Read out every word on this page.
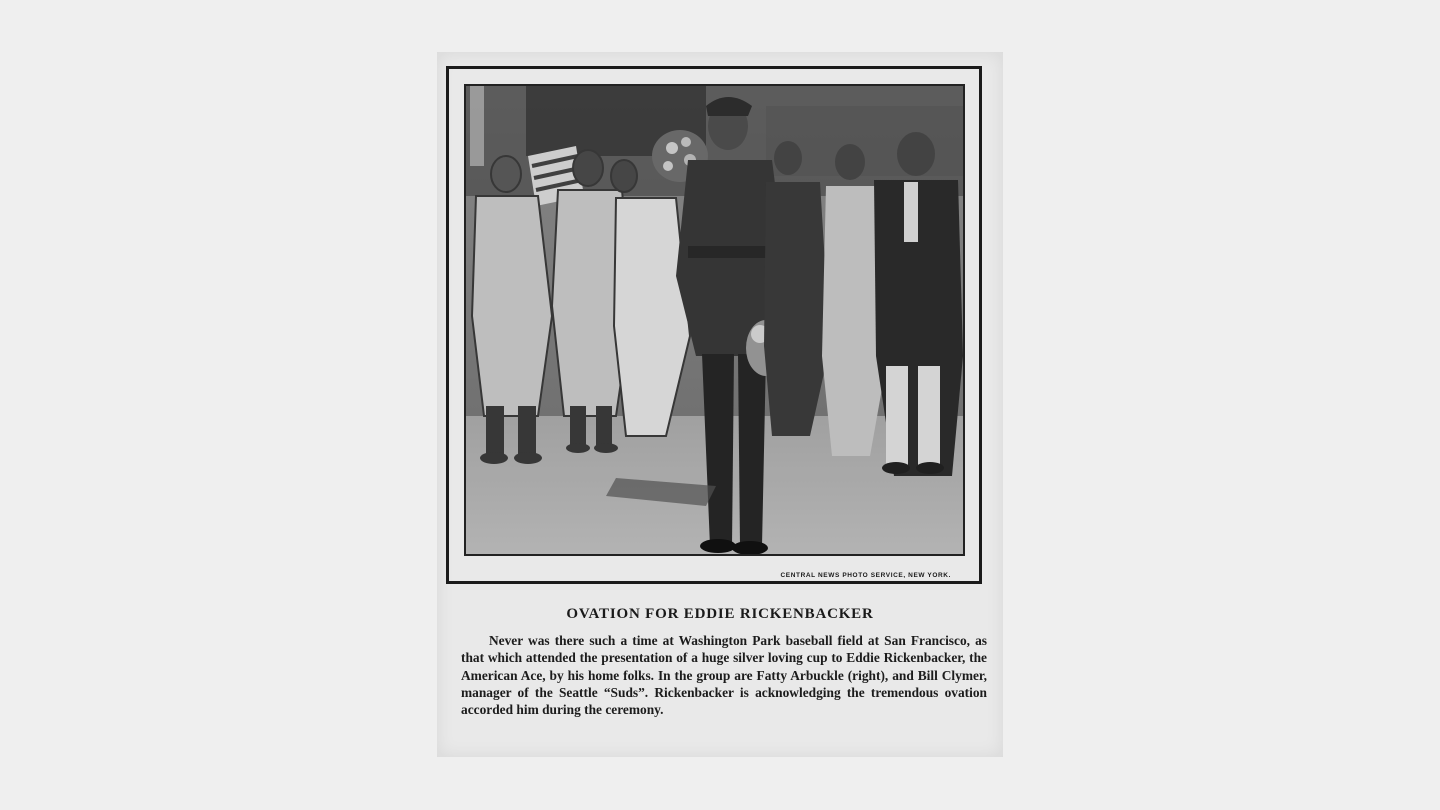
CENTRAL NEWS PHOTO SERVICE, NEW YORK.
OVATION FOR EDDIE RICKENBACKER
Never was there such a time at Washington Park baseball field at San Francisco, as that which attended the presentation of a huge silver loving cup to Eddie Rickenbacker, the American Ace, by his home folks. In the group are Fatty Arbuckle (right), and Bill Clymer, manager of the Seattle “Suds”. Rickenbacker is acknowledging the tremendous ovation accorded him during the ceremony.
